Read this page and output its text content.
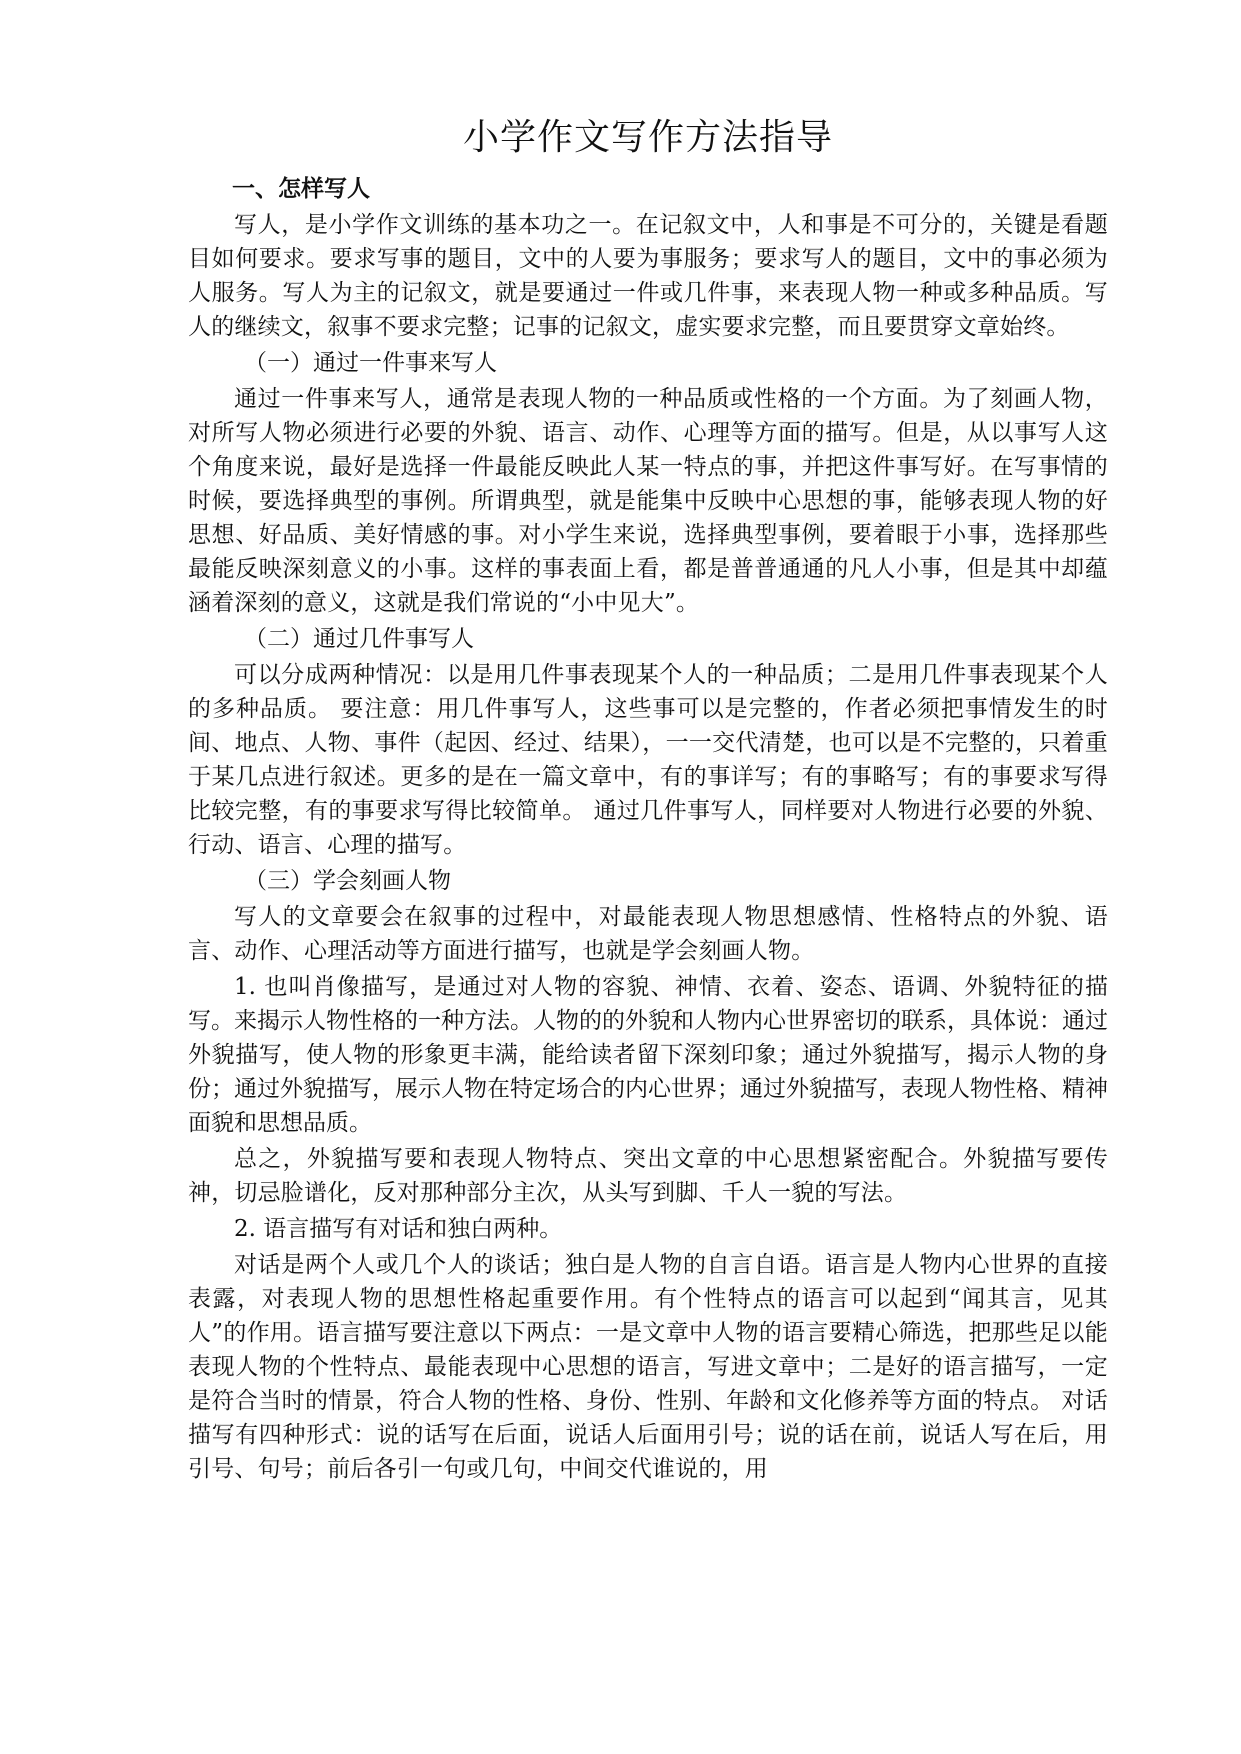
小学作文写作方法指导

一、怎样写人

写人，是小学作文训练的基本功之一。在记叙文中，人和事是不可分的，关键是看题目如何要求。要求写事的题目，文中的人要为事服务；要求写人的题目，文中的事必须为人服务。写人为主的记叙文，就是要通过一件或几件事，来表现人物一种或多种品质。写人的继续文，叙事不要求完整；记事的记叙文，虚实要求完整，而且要贯穿文章始终。

（一）通过一件事来写人

通过一件事来写人，通常是表现人物的一种品质或性格的一个方面。为了刻画人物，对所写人物必须进行必要的外貌、语言、动作、心理等方面的描写。但是，从以事写人这个角度来说，最好是选择一件最能反映此人某一特点的事，并把这件事写好。在写事情的时候，要选择典型的事例。所谓典型，就是能集中反映中心思想的事，能够表现人物的好思想、好品质、美好情感的事。对小学生来说，选择典型事例，要着眼于小事，选择那些最能反映深刻意义的小事。这样的事表面上看，都是普普通通的凡人小事，但是其中却蕴涵着深刻的意义，这就是我们常说的“小中见大”。

（二）通过几件事写人

可以分成两种情况：以是用几件事表现某个人的一种品质；二是用几件事表现某个人的多种品质。 要注意：用几件事写人，这些事可以是完整的，作者必须把事情发生的时间、地点、人物、事件（起因、经过、结果），一一交代清楚，也可以是不完整的，只着重于某几点进行叙述。更多的是在一篇文章中，有的事详写；有的事略写；有的事要求写得比较完整，有的事要求写得比较简单。 通过几件事写人，同样要对人物进行必要的外貌、行动、语言、心理的描写。

（三）学会刻画人物

写人的文章要会在叙事的过程中，对最能表现人物思想感情、性格特点的外貌、语言、动作、心理活动等方面进行描写，也就是学会刻画人物。

1. 也叫肖像描写，是通过对人物的容貌、神情、衣着、姿态、语调、外貌特征的描写。来揭示人物性格的一种方法。人物的的外貌和人物内心世界密切的联系，具体说：通过外貌描写，使人物的形象更丰满，能给读者留下深刻印象；通过外貌描写，揭示人物的身份；通过外貌描写，展示人物在特定场合的内心世界；通过外貌描写，表现人物性格、精神面貌和思想品质。

总之，外貌描写要和表现人物特点、突出文章的中心思想紧密配合。外貌描写要传神，切忌脸谱化，反对那种部分主次，从头写到脚、千人一貌的写法。

2. 语言描写有对话和独白两种。

对话是两个人或几个人的谈话；独白是人物的自言自语。语言是人物内心世界的直接表露，对表现人物的思想性格起重要作用。有个性特点的语言可以起到“闻其言，见其人”的作用。语言描写要注意以下两点：一是文章中人物的语言要精心筛选，把那些足以能表现人物的个性特点、最能表现中心思想的语言，写进文章中；二是好的语言描写，一定是符合当时的情景，符合人物的性格、身份、性别、年龄和文化修养等方面的特点。 对话描写有四种形式：说的话写在后面，说话人后面用引号；说的话在前，说话人写在后，用引号、句号；前后各引一句或几句，中间交代谁说的，用
